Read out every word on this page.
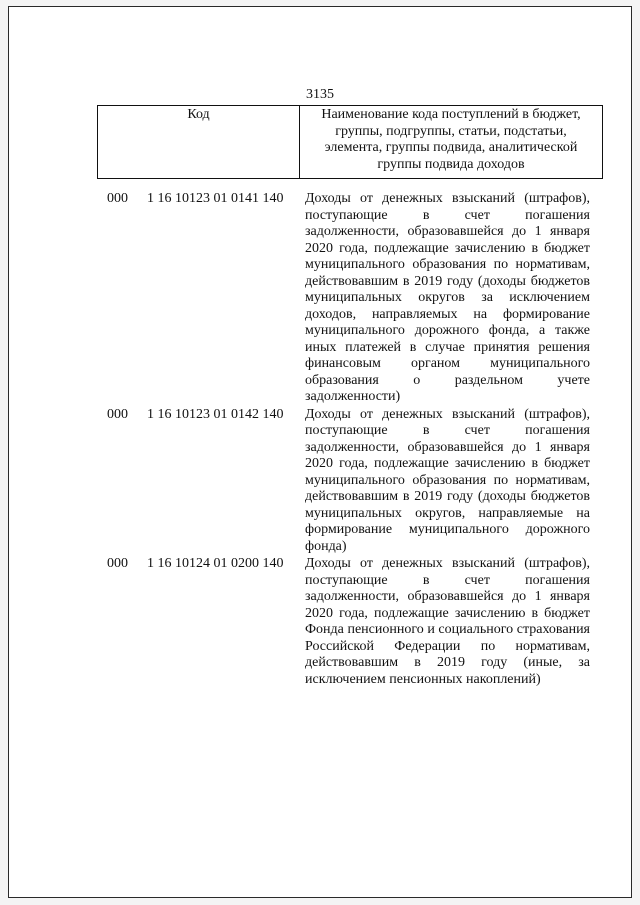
3135
Код	Наименование кода поступлений в бюджет, группы, подгруппы, статьи, подстатьи, элемента, группы подвида, аналитической группы подвида доходов
000 1 16 10123 01 0141 140 Доходы от денежных взысканий (штрафов), поступающие в счет погашения задолженности, образовавшейся до 1 января 2020 года, подлежащие зачислению в бюджет муниципального образования по нормативам, действовавшим в 2019 году (доходы бюджетов муниципальных округов за исключением доходов, направляемых на формирование муниципального дорожного фонда, а также иных платежей в случае принятия решения финансовым органом муниципального образования о раздельном учете задолженности)
000 1 16 10123 01 0142 140 Доходы от денежных взысканий (штрафов), поступающие в счет погашения задолженности, образовавшейся до 1 января 2020 года, подлежащие зачислению в бюджет муниципального образования по нормативам, действовавшим в 2019 году (доходы бюджетов муниципальных округов, направляемые на формирование муниципального дорожного фонда)
000 1 16 10124 01 0200 140 Доходы от денежных взысканий (штрафов), поступающие в счет погашения задолженности, образовавшейся до 1 января 2020 года, подлежащие зачислению в бюджет Фонда пенсионного и социального страхования Российской Федерации по нормативам, действовавшим в 2019 году (иные, за исключением пенсионных накоплений)
